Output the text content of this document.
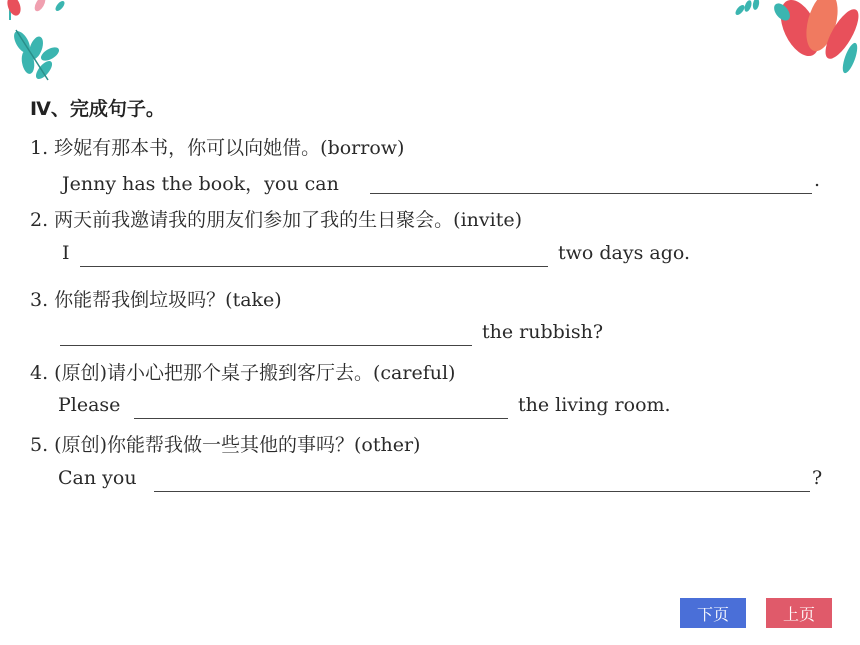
Ⅳ、完成句子。
1. 珍妮有那本书，你可以向她借。(borrow)
Jenny has the book，you can	.
2. 两天前我邀请我的朋友们参加了我的生日聚会。(invite)
I	two days ago.
3. 你能帮我倒垃圾吗？(take)
the rubbish?
4. (原创)请小心把那个桌子搬到客厅去。(careful)
Please	the living room.
5. (原创)你能帮我做一些其他的事吗？(other)
Can you	?
下页	上页
